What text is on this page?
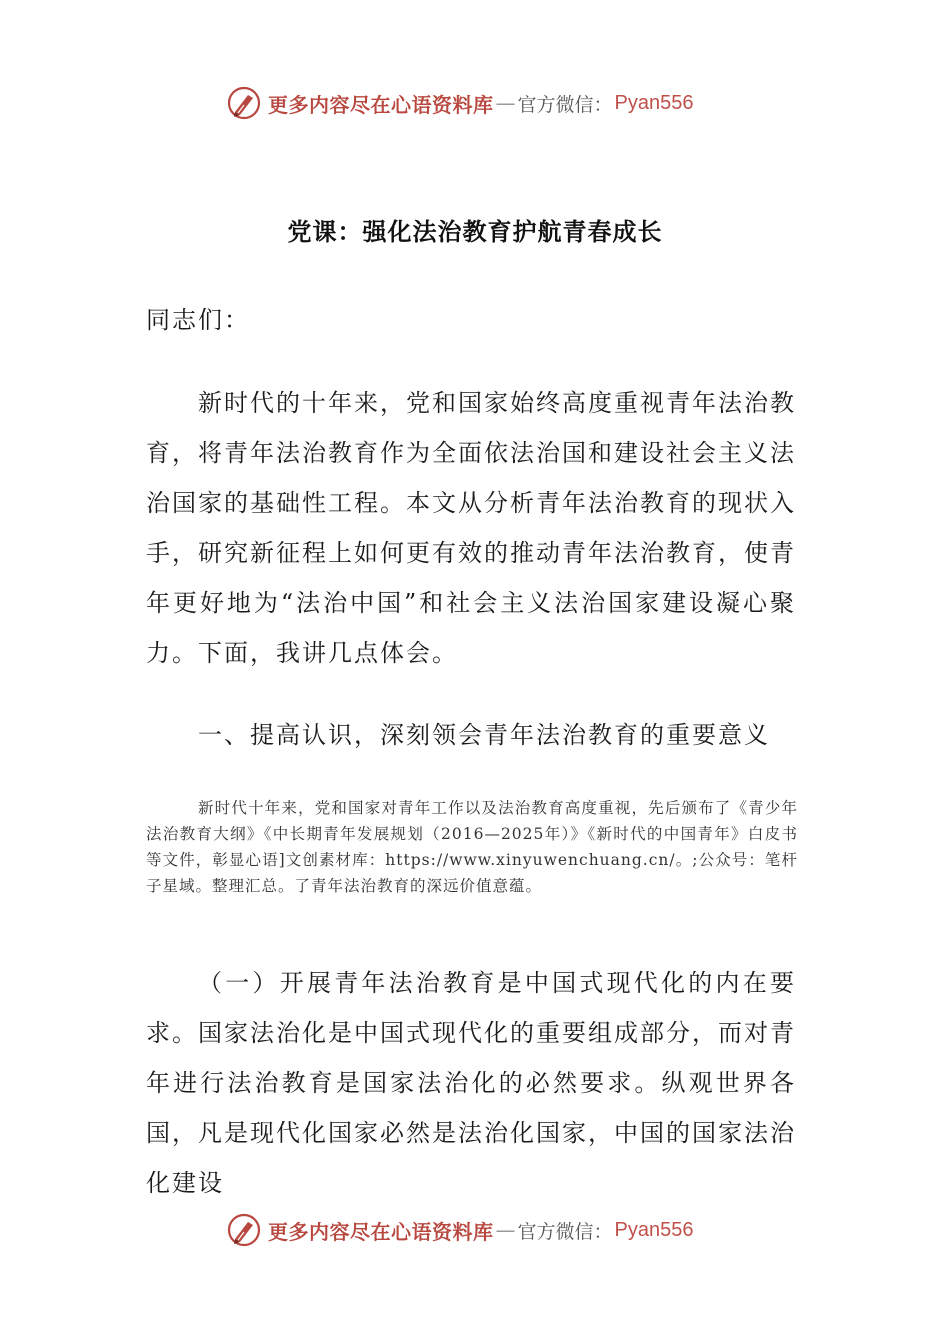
更多内容尽在心语资料库 — 官方微信： Pyan556
党课：强化法治教育护航青春成长
同志们：

新时代的十年来，党和国家始终高度重视青年法治教育，将青年法治教育作为全面依法治国和建设社会主义法治国家的基础性工程。本文从分析青年法治教育的现状入手，研究新征程上如何更有效的推动青年法治教育，使青年更好地为“法治中国”和社会主义法治国家建设凝心聚力。下面，我讲几点体会。

一、提高认识，深刻领会青年法治教育的重要意义

新时代十年来，党和国家对青年工作以及法治教育高度重视，先后颁布了《青少年法治教育大纲》《中长期青年发展规划（2016—2025年）》《新时代的中国青年》白皮书等文件，彰显心语]文创素材库：https://www.xinyuwenchuang.cn/。;公众号：笔杆子星域。整理汇总。了青年法治教育的深远价值意蕴。

（一）开展青年法治教育是中国式现代化的内在要求。国家法治化是中国式现代化的重要组成部分，而对青年进行法治教育是国家法治化的必然要求。纵观世界各国，凡是现代化国家必然是法治化国家，中国的国家法治化建设

更多内容尽在心语资料库 — 官方微信： Pyan556
